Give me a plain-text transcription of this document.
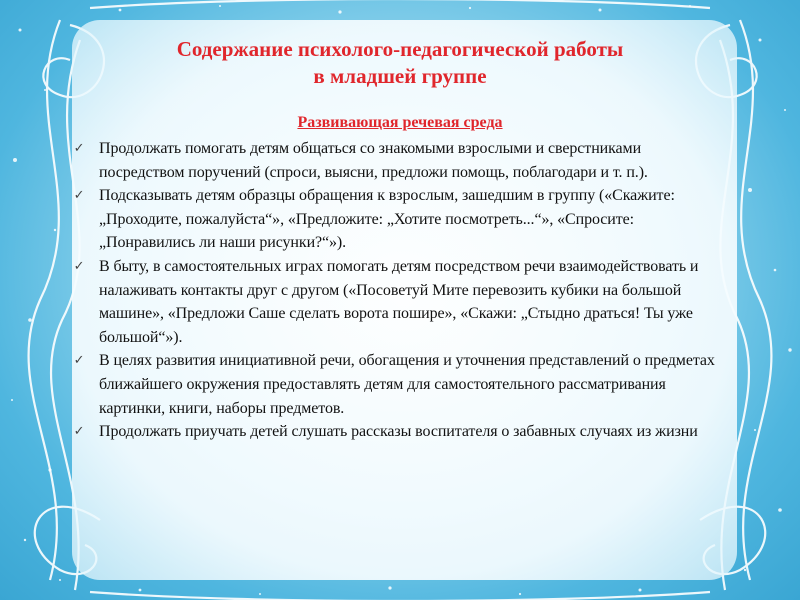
Содержание психолого-педагогической работы
в младшей группе
Развивающая речевая среда
✓ Продолжать помогать детям общаться со знакомыми взрослыми и сверстниками посредством поручений (спроси, выясни, предложи помощь, поблагодари и т. п.).
✓ Подсказывать детям образцы обращения к взрослым, зашедшим в группу («Скажите: „Проходите, пожалуйста“», «Предложите: „Хотите посмотреть...“», «Спросите: „Понравились ли наши рисунки?“»).
✓ В быту, в самостоятельных играх помогать детям посредством речи взаимодействовать и налаживать контакты друг с другом («Посоветуй Мите перевозить кубики на большой машине», «Предложи Саше сделать ворота пошире», «Скажи: „Стыдно драться! Ты уже большой“»).
✓ В целях развития инициативной речи, обогащения и уточнения представлений о предметах ближайшего окружения предоставлять детям для самостоятельного рассматривания картинки, книги, наборы предметов.
✓ Продолжать приучать детей слушать рассказы воспитателя о забавных случаях из жизни
